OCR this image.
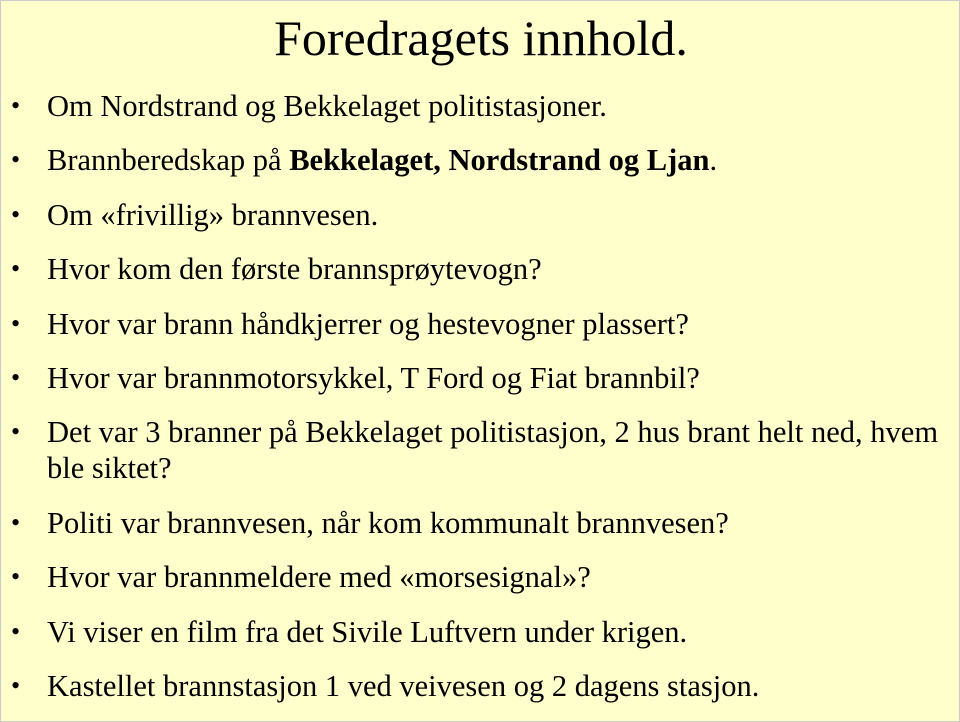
Foredragets innhold.
• Om Nordstrand og Bekkelaget politistasjoner.
• Brannberedskap på Bekkelaget, Nordstrand og Ljan.
• Om «frivillig» brannvesen.
• Hvor kom den første brannsprøytevogn?
• Hvor var brann håndkjerrer og hestevogner plassert?
• Hvor var brannmotorsykkel, T Ford og Fiat brannbil?
• Det var 3 branner på Bekkelaget politistasjon, 2 hus brant helt ned, hvem ble siktet?
• Politi var brannvesen, når kom kommunalt brannvesen?
• Hvor var brannmeldere med «morsesignal»?
• Vi viser en film fra det Sivile Luftvern under krigen.
• Kastellet brannstasjon 1 ved veivesen og 2 dagens stasjon.
